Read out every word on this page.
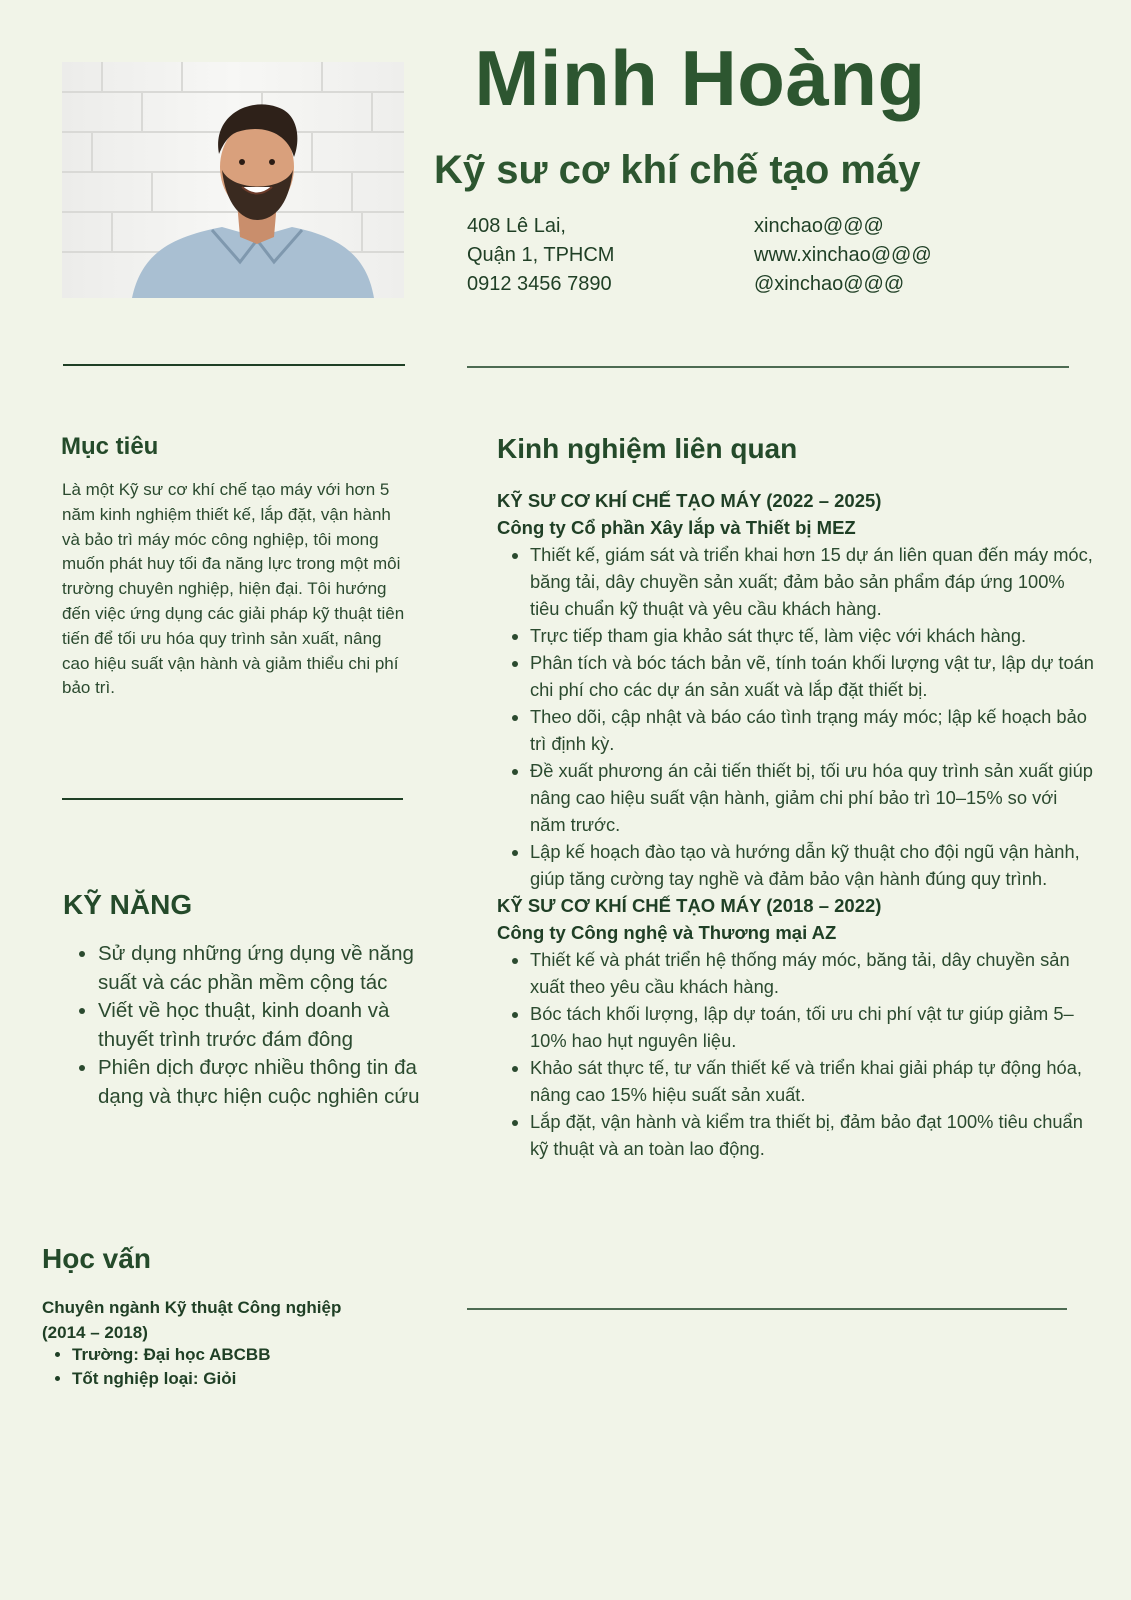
Minh Hoàng
Kỹ sư cơ khí chế tạo máy
408 Lê Lai,
Quận 1, TPHCM
0912 3456 7890
xinchao@@@
www.xinchao@@@
@xinchao@@@
Mục tiêu
Là một Kỹ sư cơ khí chế tạo máy với hơn 5 năm kinh nghiệm thiết kế, lắp đặt, vận hành và bảo trì máy móc công nghiệp, tôi mong muốn phát huy tối đa năng lực trong một môi trường chuyên nghiệp, hiện đại. Tôi hướng đến việc ứng dụng các giải pháp kỹ thuật tiên tiến để tối ưu hóa quy trình sản xuất, nâng cao hiệu suất vận hành và giảm thiểu chi phí bảo trì.
KỸ NĂNG
• Sử dụng những ứng dụng về năng suất và các phần mềm cộng tác
• Viết về học thuật, kinh doanh và thuyết trình trước đám đông
• Phiên dịch được nhiều thông tin đa dạng và thực hiện cuộc nghiên cứu
Học vấn
Chuyên ngành Kỹ thuật Công nghiệp (2014 – 2018)
• Trường: Đại học ABCBB
• Tốt nghiệp loại: Giỏi
Kinh nghiệm liên quan
KỸ SƯ CƠ KHÍ CHẾ TẠO MÁY (2022 – 2025)
Công ty Cổ phần Xây lắp và Thiết bị MEZ
• Thiết kế, giám sát và triển khai hơn 15 dự án liên quan đến máy móc, băng tải, dây chuyền sản xuất; đảm bảo sản phẩm đáp ứng 100% tiêu chuẩn kỹ thuật và yêu cầu khách hàng.
• Trực tiếp tham gia khảo sát thực tế, làm việc với khách hàng.
• Phân tích và bóc tách bản vẽ, tính toán khối lượng vật tư, lập dự toán chi phí cho các dự án sản xuất và lắp đặt thiết bị.
• Theo dõi, cập nhật và báo cáo tình trạng máy móc; lập kế hoạch bảo trì định kỳ.
• Đề xuất phương án cải tiến thiết bị, tối ưu hóa quy trình sản xuất giúp nâng cao hiệu suất vận hành, giảm chi phí bảo trì 10–15% so với năm trước.
• Lập kế hoạch đào tạo và hướng dẫn kỹ thuật cho đội ngũ vận hành, giúp tăng cường tay nghề và đảm bảo vận hành đúng quy trình.
KỸ SƯ CƠ KHÍ CHẾ TẠO MÁY (2018 – 2022)
Công ty Công nghệ và Thương mại AZ
• Thiết kế và phát triển hệ thống máy móc, băng tải, dây chuyền sản xuất theo yêu cầu khách hàng.
• Bóc tách khối lượng, lập dự toán, tối ưu chi phí vật tư giúp giảm 5–10% hao hụt nguyên liệu.
• Khảo sát thực tế, tư vấn thiết kế và triển khai giải pháp tự động hóa, nâng cao 15% hiệu suất sản xuất.
• Lắp đặt, vận hành và kiểm tra thiết bị, đảm bảo đạt 100% tiêu chuẩn kỹ thuật và an toàn lao động.
